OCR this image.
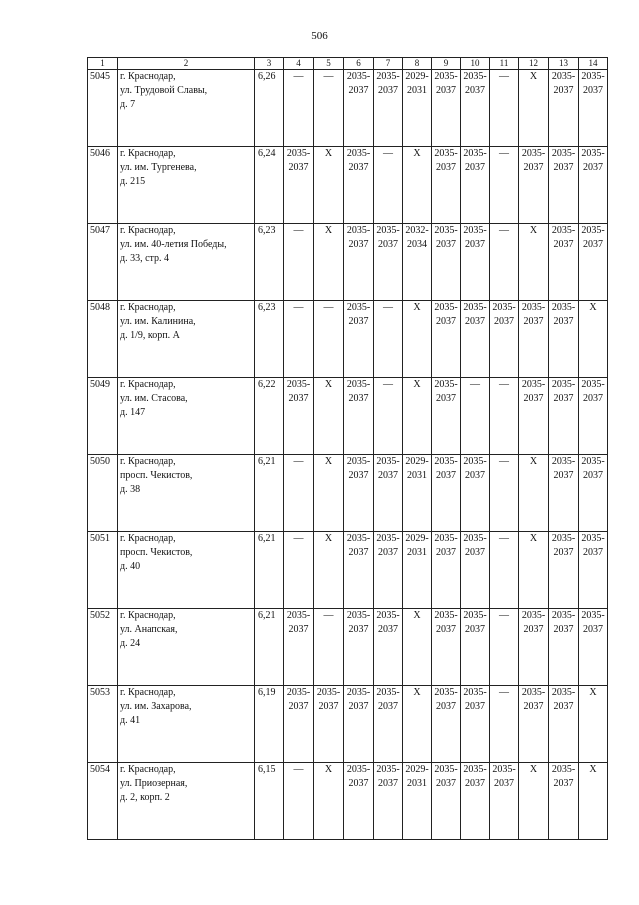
506
1	2	3	4	5	6	7	8	9	10	11	12	13	14
5045	г. Краснодар,
ул. Трудовой Славы,
д. 7	6,26	—	—	2035-
2037	2035-
2037	2029-
2031	2035-
2037	2035-
2037	—	Х	2035-
2037	2035-
2037
5046	г. Краснодар,
ул. им. Тургенева,
д. 215	6,24	2035-
2037	Х	2035-
2037	—	Х	2035-
2037	2035-
2037	—	2035-
2037	2035-
2037	2035-
2037
5047	г. Краснодар,
ул. им. 40-летия Победы,
д. 33, стр. 4	6,23	—	Х	2035-
2037	2035-
2037	2032-
2034	2035-
2037	2035-
2037	—	Х	2035-
2037	2035-
2037
5048	г. Краснодар,
ул. им. Калинина,
д. 1/9, корп. А	6,23	—	—	2035-
2037	—	Х	2035-
2037	2035-
2037	2035-
2037	2035-
2037	2035-
2037	Х
5049	г. Краснодар,
ул. им. Стасова,
д. 147	6,22	2035-
2037	Х	2035-
2037	—	Х	2035-
2037	—	—	2035-
2037	2035-
2037	2035-
2037
5050	г. Краснодар,
просп. Чекистов,
д. 38	6,21	—	Х	2035-
2037	2035-
2037	2029-
2031	2035-
2037	2035-
2037	—	Х	2035-
2037	2035-
2037
5051	г. Краснодар,
просп. Чекистов,
д. 40	6,21	—	Х	2035-
2037	2035-
2037	2029-
2031	2035-
2037	2035-
2037	—	Х	2035-
2037	2035-
2037
5052	г. Краснодар,
ул. Анапская,
д. 24	6,21	2035-
2037	—	2035-
2037	2035-
2037	Х	2035-
2037	2035-
2037	—	2035-
2037	2035-
2037	2035-
2037
5053	г. Краснодар,
ул. им. Захарова,
д. 41	6,19	2035-
2037	2035-
2037	2035-
2037	2035-
2037	Х	2035-
2037	2035-
2037	—	2035-
2037	2035-
2037	Х
5054	г. Краснодар,
ул. Приозерная,
д. 2, корп. 2	6,15	—	Х	2035-
2037	2035-
2037	2029-
2031	2035-
2037	2035-
2037	2035-
2037	Х	2035-
2037	Х
